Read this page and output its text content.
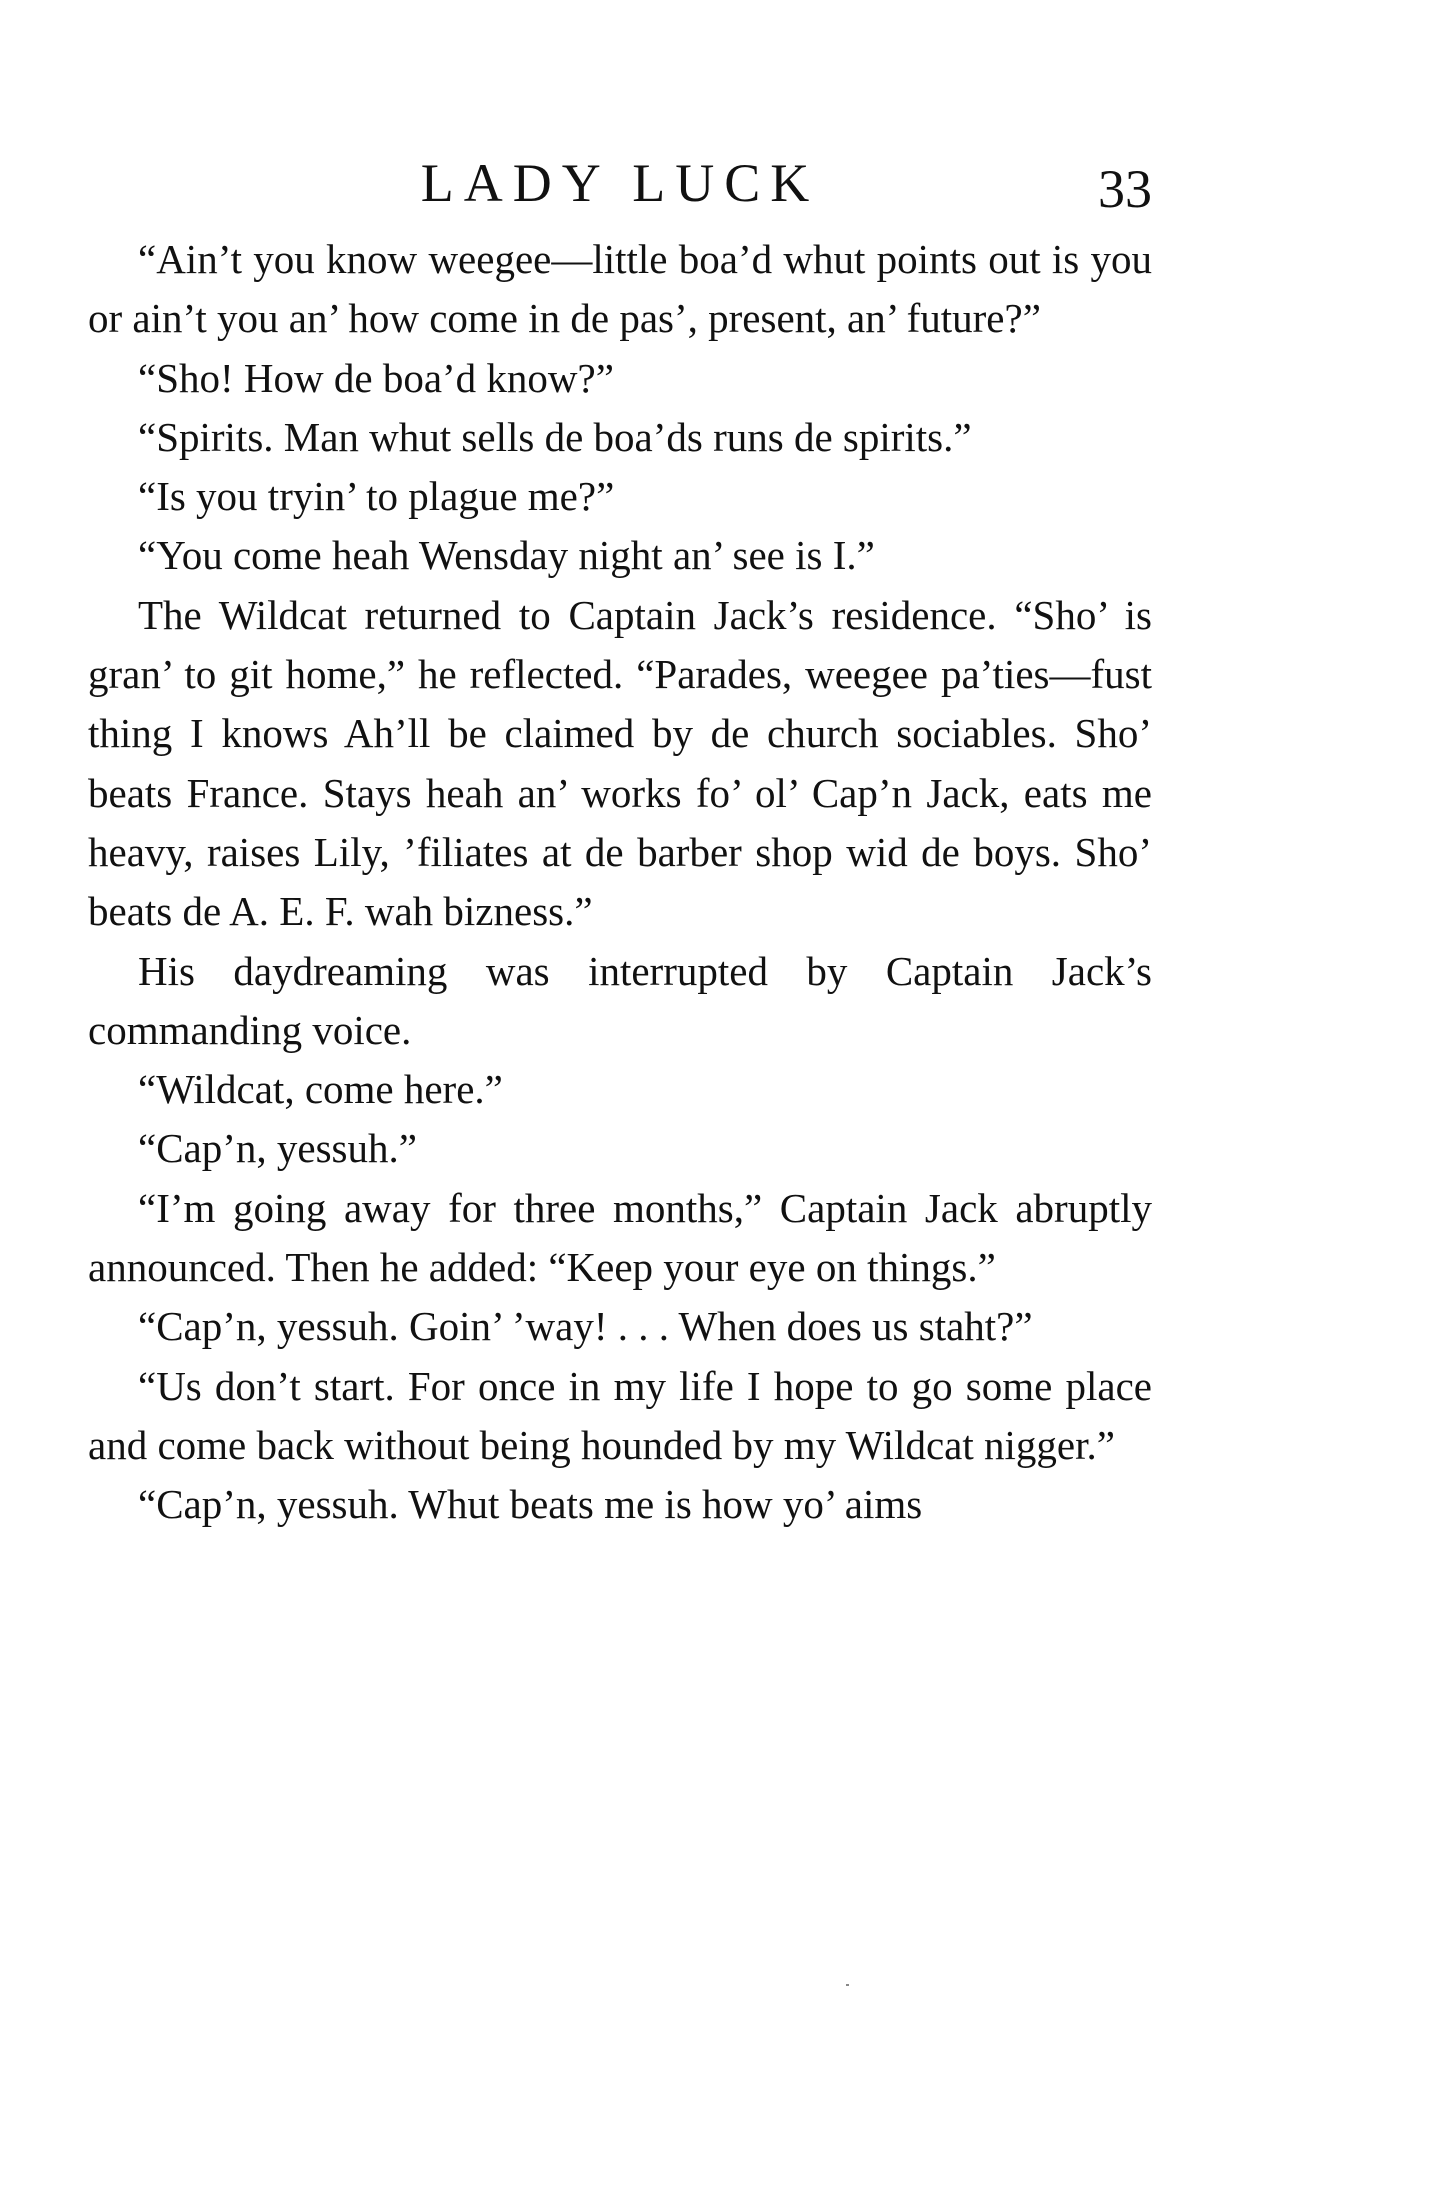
LADY LUCK	33

“Ain’t you know weegee—little boa’d whut points out is you or ain’t you an’ how come in de pas’, present, an’ future?”

“Sho! How de boa’d know?”

“Spirits. Man whut sells de boa’ds runs de spirits.”

“Is you tryin’ to plague me?”

“You come heah Wensday night an’ see is I.”

The Wildcat returned to Captain Jack’s residence. “Sho’ is gran’ to git home,” he reflected. “Parades, weegee pa’ties—fust thing I knows Ah’ll be claimed by de church sociables. Sho’ beats France. Stays heah an’ works fo’ ol’ Cap’n Jack, eats me heavy, raises Lily, ’filiates at de barber shop wid de boys. Sho’ beats de A. E. F. wah bizness.”

His daydreaming was interrupted by Captain Jack’s commanding voice.

“Wildcat, come here.”

“Cap’n, yessuh.”

“I’m going away for three months,” Captain Jack abruptly announced. Then he added: “Keep your eye on things.”

“Cap’n, yessuh. Goin’ ’way! . . . When does us staht?”

“Us don’t start. For once in my life I hope to go some place and come back without being hounded by my Wildcat nigger.”

“Cap’n, yessuh. Whut beats me is how yo’ aims
